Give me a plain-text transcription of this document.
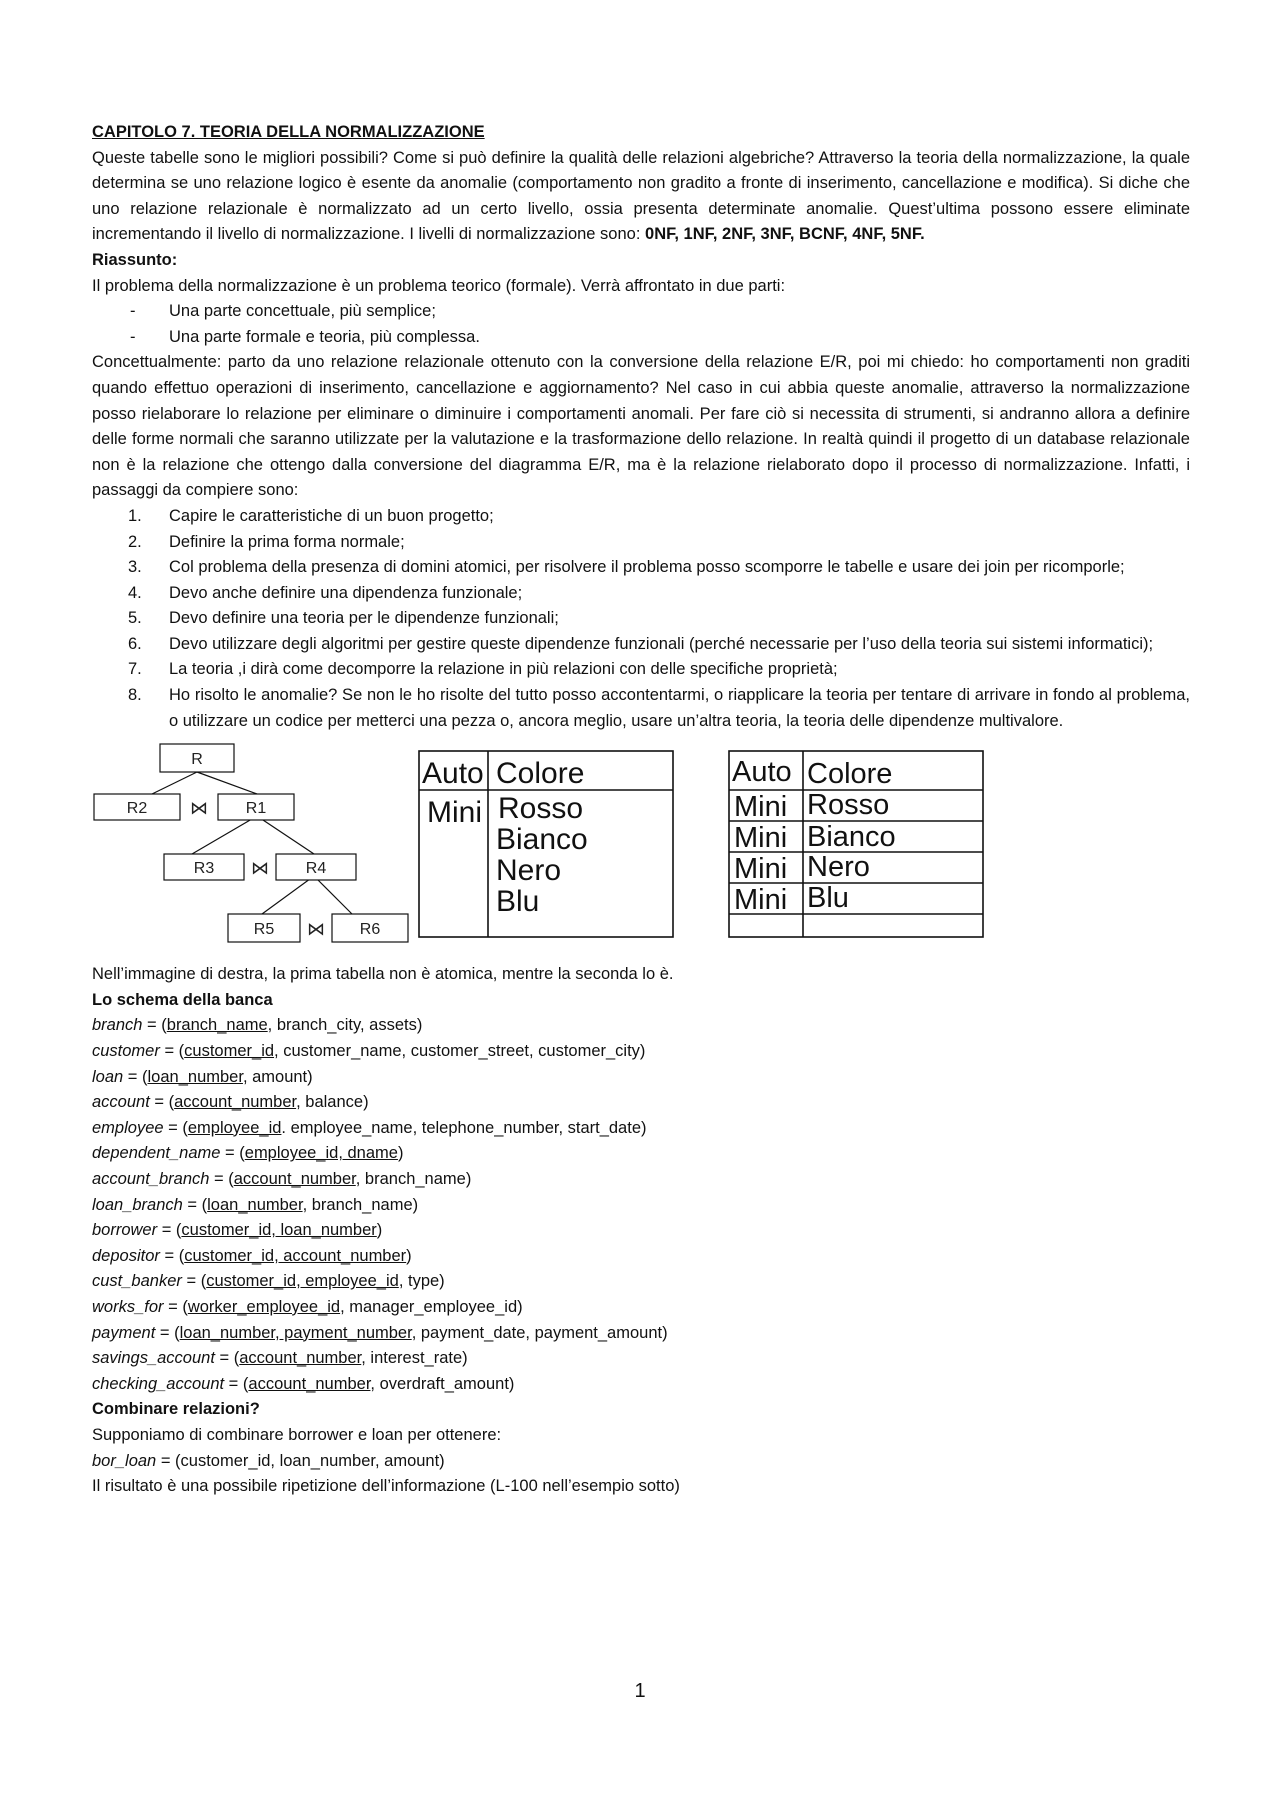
CAPITOLO 7. TEORIA DELLA NORMALIZZAZIONE
Queste tabelle sono le migliori possibili? Come si può definire la qualità delle relazioni algebriche? Attraverso la teoria della normalizzazione, la quale determina se uno relazione logico è esente da anomalie (comportamento non gradito a fronte di inserimento, cancellazione e modifica). Si diche che uno relazione relazionale è normalizzato ad un certo livello, ossia presenta determinate anomalie. Quest’ultima possono essere eliminate incrementando il livello di normalizzazione. I livelli di normalizzazione sono: 0NF, 1NF, 2NF, 3NF, BCNF, 4NF, 5NF.
Riassunto:
Il problema della normalizzazione è un problema teorico (formale). Verrà affrontato in due parti:
- Una parte concettuale, più semplice;
- Una parte formale e teoria, più complessa.
Concettualmente: parto da uno relazione relazionale ottenuto con la conversione della relazione E/R, poi mi chiedo: ho comportamenti non graditi quando effettuo operazioni di inserimento, cancellazione e aggiornamento? Nel caso in cui abbia queste anomalie, attraverso la normalizzazione posso rielaborare lo relazione per eliminare o diminuire i comportamenti anomali. Per fare ciò si necessita di strumenti, si andranno allora a definire delle forme normali che saranno utilizzate per la valutazione e la trasformazione dello relazione. In realtà quindi il progetto di un database relazionale non è la relazione che ottengo dalla conversione del diagramma E/R, ma è la relazione rielaborato dopo il processo di normalizzazione. Infatti, i passaggi da compiere sono:
1. Capire le caratteristiche di un buon progetto;
2. Definire la prima forma normale;
3. Col problema della presenza di domini atomici, per risolvere il problema posso scomporre le tabelle e usare dei join per ricomporle;
4. Devo anche definire una dipendenza funzionale;
5. Devo definire una teoria per le dipendenze funzionali;
6. Devo utilizzare degli algoritmi per gestire queste dipendenze funzionali (perché necessarie per l’uso della teoria sui sistemi informatici);
7. La teoria ,i dirà come decomporre la relazione in più relazioni con delle specifiche proprietà;
8. Ho risolto le anomalie? Se non le ho risolte del tutto posso accontentarmi, o riapplicare la teoria per tentare di arrivare in fondo al problema, o utilizzare un codice per metterci una pezza o, ancora meglio, usare un’altra teoria, la teoria delle dipendenze multivalore.
R
R2	R1
R3	R4
R5	R6
⋈
⋈
⋈
Auto Colore
Mini Rosso
Bianco
Nero
Blu
Auto Colore
Mini Rosso
Mini Bianco
Mini Nero
Mini Blu
Nell’immagine di destra, la prima tabella non è atomica, mentre la seconda lo è.
Lo schema della banca
branch = (branch_name, branch_city, assets)
customer = (customer_id, customer_name, customer_street, customer_city)
loan = (loan_number, amount)
account = (account_number, balance)
employee = (employee_id. employee_name, telephone_number, start_date)
dependent_name = (employee_id, dname)
account_branch = (account_number, branch_name)
loan_branch = (loan_number, branch_name)
borrower = (customer_id, loan_number)
depositor = (customer_id, account_number)
cust_banker = (customer_id, employee_id, type)
works_for = (worker_employee_id, manager_employee_id)
payment = (loan_number, payment_number, payment_date, payment_amount)
savings_account = (account_number, interest_rate)
checking_account = (account_number, overdraft_amount)
Combinare relazioni?
Supponiamo di combinare borrower e loan per ottenere:
bor_loan = (customer_id, loan_number, amount)
Il risultato è una possibile ripetizione dell’informazione (L-100 nell’esempio sotto)
1
